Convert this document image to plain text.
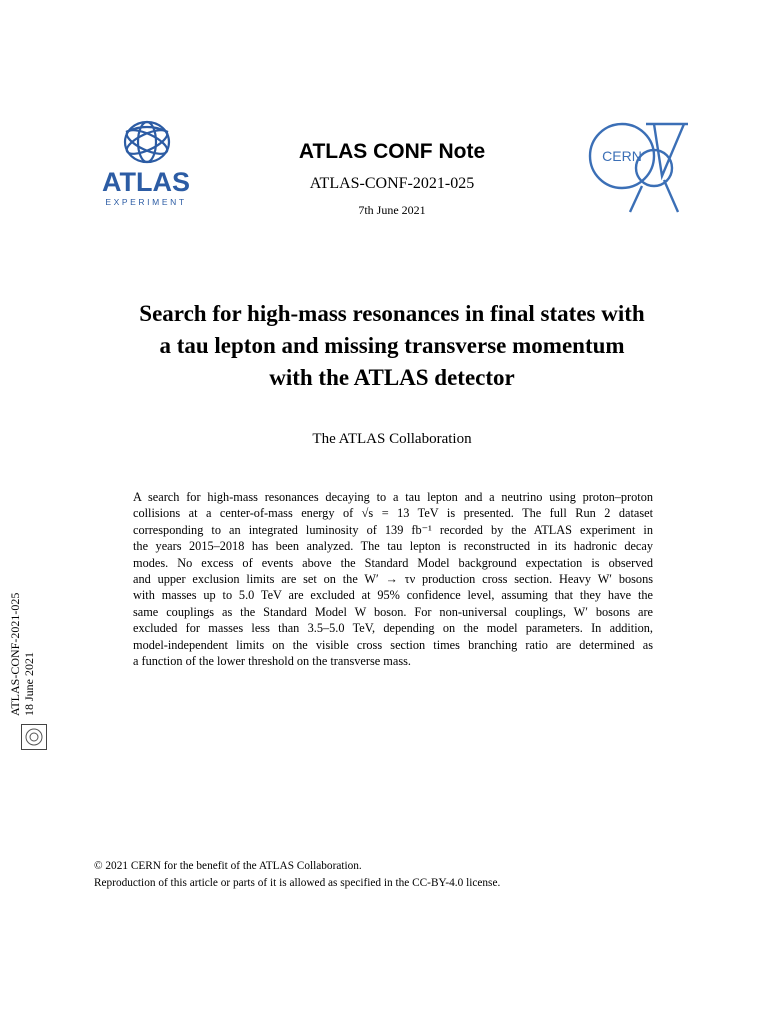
ATLAS
EXPERIMENT
CERN
ATLAS CONF Note
ATLAS-CONF-2021-025
7th June 2021
Search for high-mass resonances in final states with
a tau lepton and missing transverse momentum
with the ATLAS detector
The ATLAS Collaboration
A search for high-mass resonances decaying to a tau lepton and a neutrino using proton–proton
collisions at a center-of-mass energy of √s = 13 TeV is presented. The full Run 2 dataset
corresponding to an integrated luminosity of 139 fb⁻¹ recorded by the ATLAS experiment in
the years 2015–2018 has been analyzed. The tau lepton is reconstructed in its hadronic decay
modes. No excess of events above the Standard Model background expectation is observed
and upper exclusion limits are set on the W′ → τν production cross section. Heavy W′ bosons
with masses up to 5.0 TeV are excluded at 95% confidence level, assuming that they have the
same couplings as the Standard Model W boson. For non-universal couplings, W′ bosons are
excluded for masses less than 3.5–5.0 TeV, depending on the model parameters. In addition,
model-independent limits on the visible cross section times branching ratio are determined as
a function of the lower threshold on the transverse mass.
ATLAS-CONF-2021-025 18 June 2021
© 2021 CERN for the benefit of the ATLAS Collaboration.
Reproduction of this article or parts of it is allowed as specified in the CC-BY-4.0 license.
